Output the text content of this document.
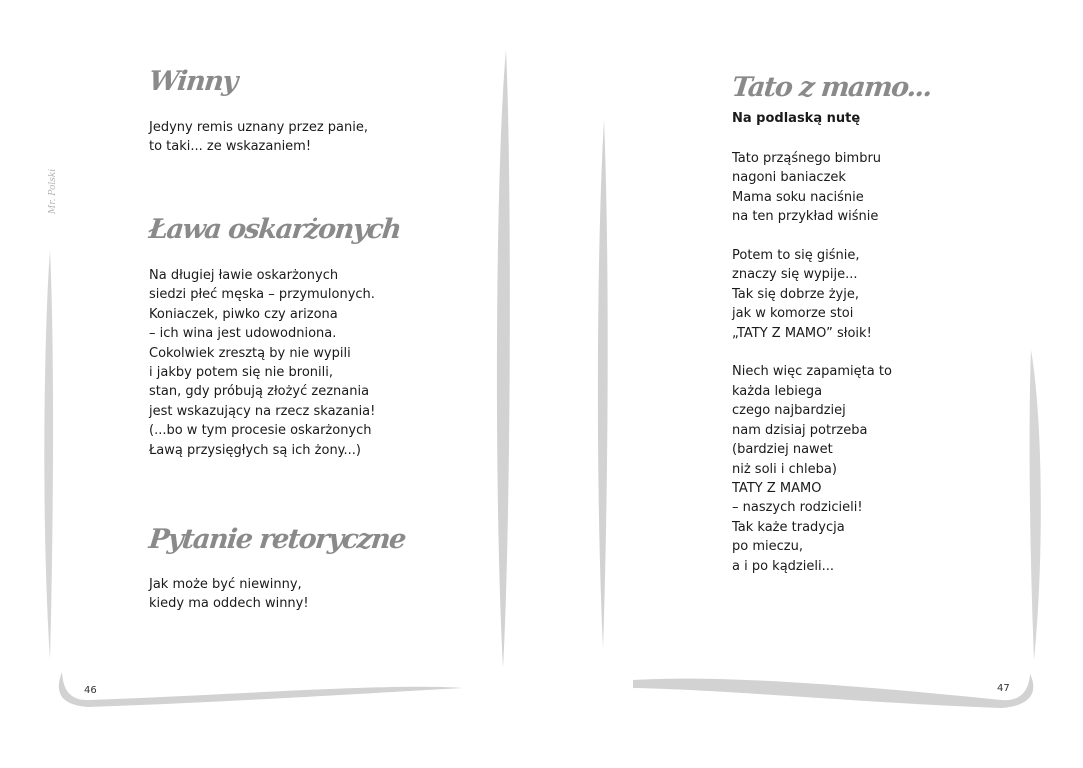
Mr. Polski
Winny
Jedyny remis uznany przez panie,
to taki... ze wskazaniem!
Ława oskarżonych
Na długiej ławie oskarżonych
siedzi płeć męska – przymulonych.
Koniaczek, piwko czy arizona
– ich wina jest udowodniona.
Cokolwiek zresztą by nie wypili
i jakby potem się nie bronili,
stan, gdy próbują złożyć zeznania
jest wskazujący na rzecz skazania!
(...bo w tym procesie oskarżonych
Ławą przysięgłych są ich żony...)
Pytanie retoryczne
Jak może być niewinny,
kiedy ma oddech winny!
46
Tato z mamo...
Na podlaską nutę
Tato prząśnego bimbru
nagoni baniaczek
Mama soku naciśnie
na ten przykład wiśnie

Potem to się giśnie,
znaczy się wypije...
Tak się dobrze żyje,
jak w komorze stoi
„TATY Z MAMO” słoik!

Niech więc zapamięta to
każda lebiega
czego najbardziej
nam dzisiaj potrzeba
(bardziej nawet
niż soli i chleba)
TATY Z MAMO
– naszych rodzicieli!
Tak każe tradycja
po mieczu,
a i po kądzieli...
47
